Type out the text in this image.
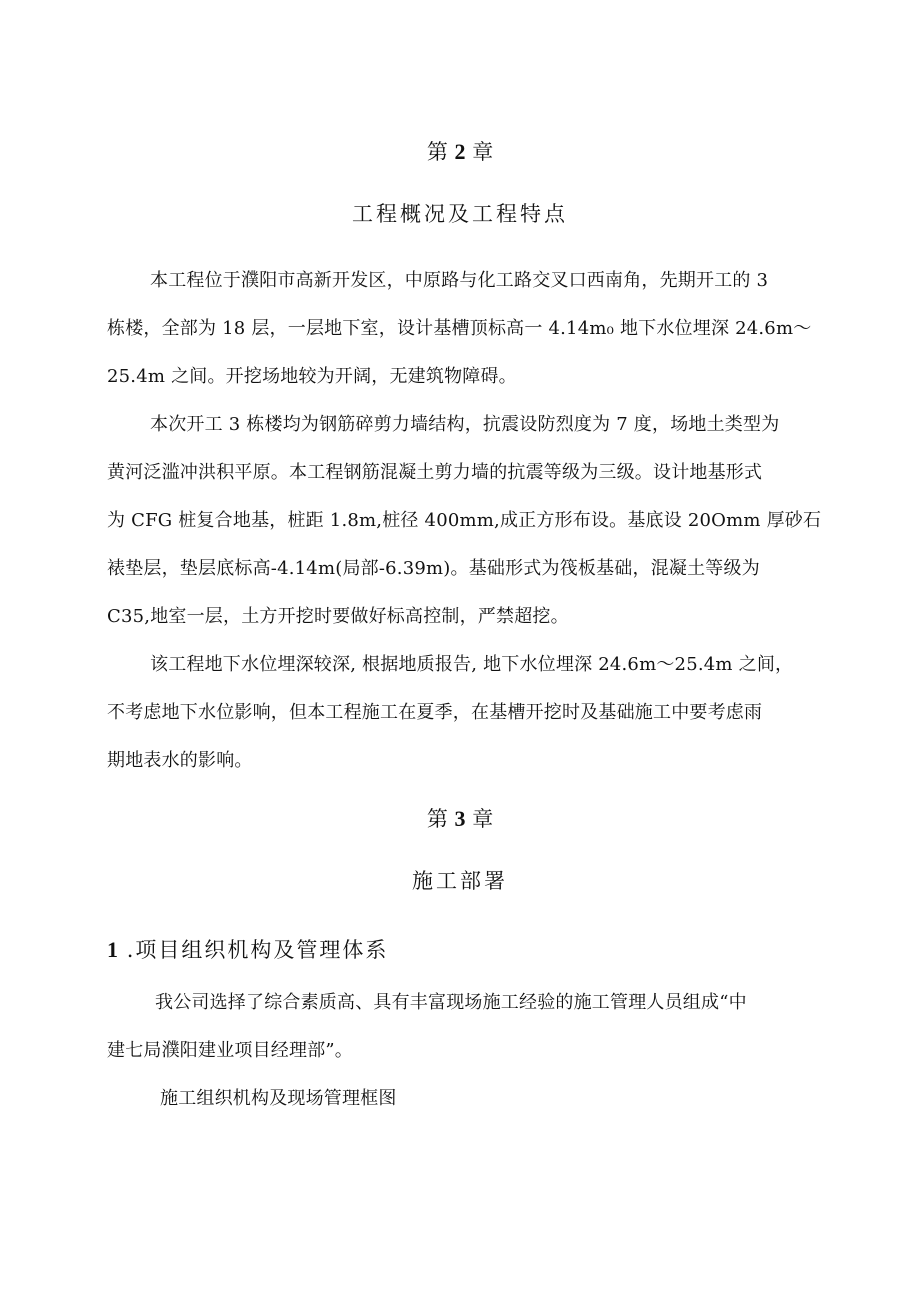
第 2 章
工程概况及工程特点
本工程位于濮阳市高新开发区，中原路与化工路交叉口西南角，先期开工的 3
栋楼，全部为 18 层，一层地下室，设计基槽顶标高一 4.14m₀ 地下水位埋深 24.6m～
25.4m 之间。开挖场地较为开阔，无建筑物障碍。
本次开工 3 栋楼均为钢筋碎剪力墙结构，抗震设防烈度为 7 度，场地土类型为
黄河泛滥冲洪积平原。本工程钢筋混凝土剪力墙的抗震等级为三级。设计地基形式
为 CFG 桩复合地基，桩距 1.8m,桩径 400mm,成正方形布设。基底设 20Omm 厚砂石
裱垫层，垫层底标高-4.14m(局部-6.39m)。基础形式为筏板基础，混凝土等级为
C35,地室一层，土方开挖时要做好标高控制，严禁超挖。
该工程地下水位埋深较深, 根据地质报告, 地下水位埋深 24.6m～25.4m 之间，
不考虑地下水位影响，但本工程施工在夏季，在基槽开挖时及基础施工中要考虑雨
期地表水的影响。
第 3 章
施工部署
1 .项目组织机构及管理体系
我公司选择了综合素质高、具有丰富现场施工经验的施工管理人员组成“中
建七局濮阳建业项目经理部”。
施工组织机构及现场管理框图
